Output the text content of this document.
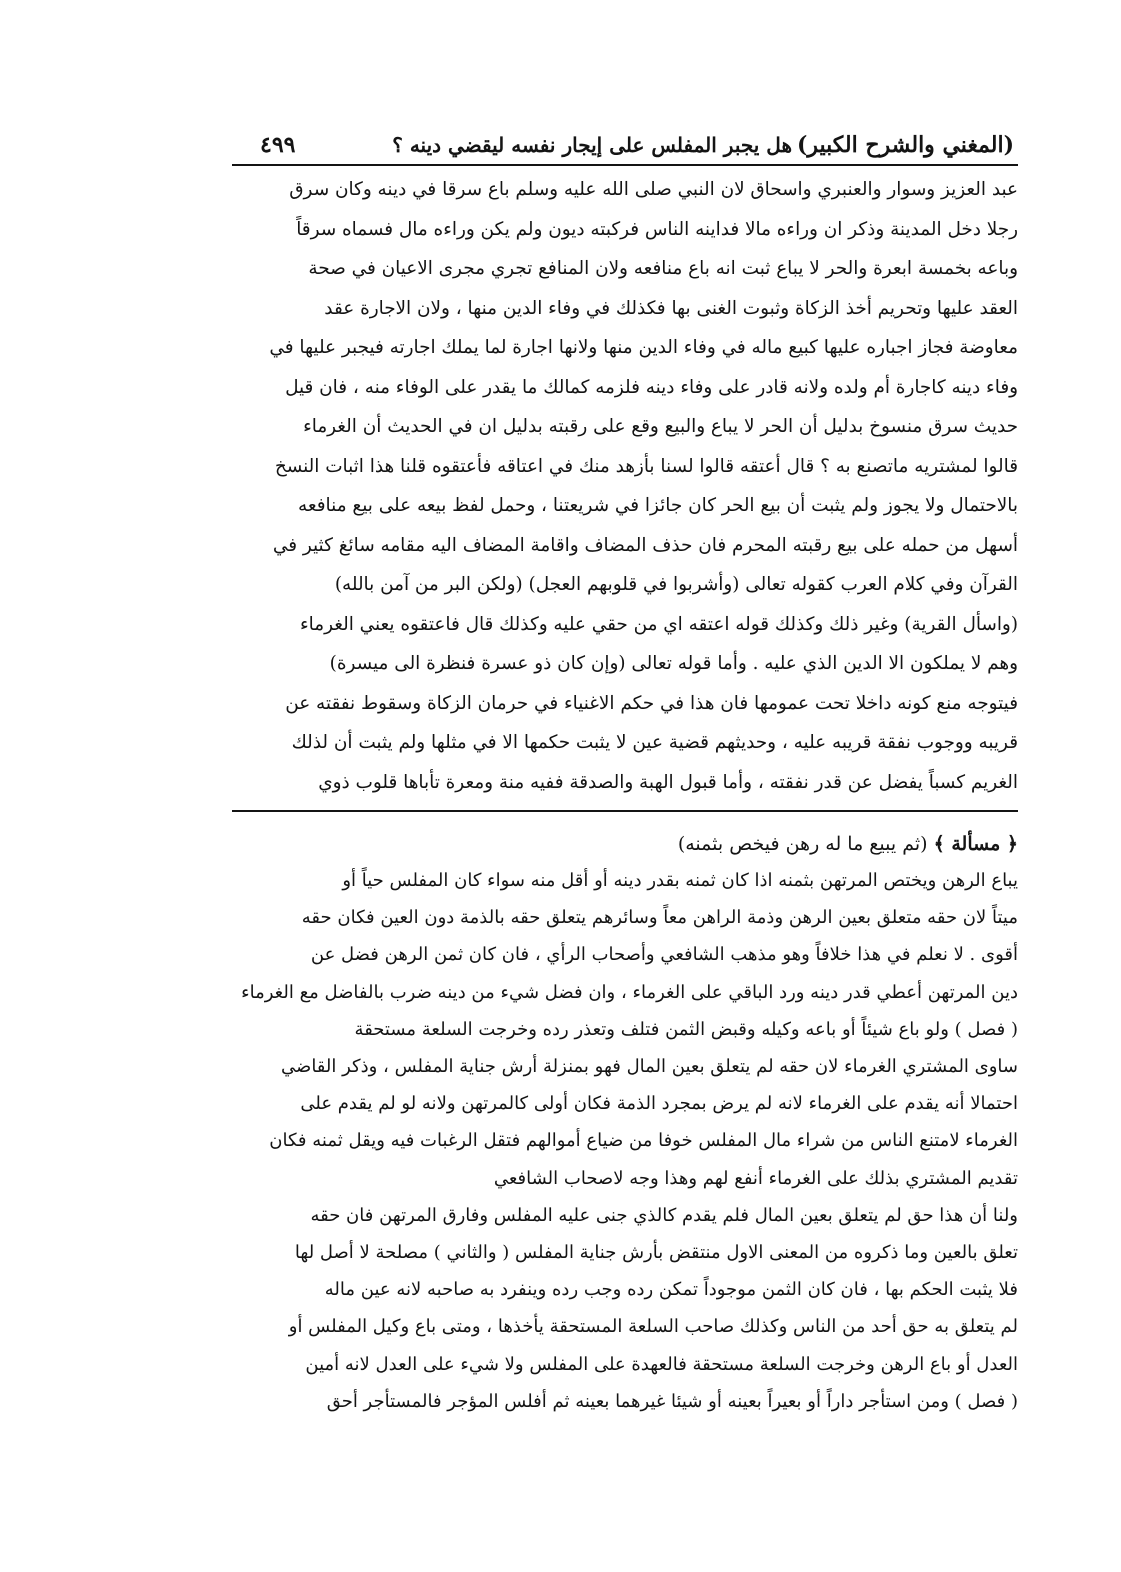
(المغني والشرح الكبير)
هل يجبر المفلس على إيجار نفسه ليقضي دينه ؟
٤٩٩
عبد العزيز وسوار والعنبري واسحاق لان النبي صلى الله عليه وسلم باع سرقا في دينه وكان سرق
رجلا دخل المدينة وذكر ان وراءه مالا فداينه الناس فركبته ديون ولم يكن وراءه مال فسماه سرقاً
وباعه بخمسة ابعرة والحر لا يباع ثبت انه باع منافعه ولان المنافع تجري مجرى الاعيان في صحة
العقد عليها وتحريم أخذ الزكاة وثبوت الغنى بها فكذلك في وفاء الدين منها ، ولان الاجارة عقد
معاوضة فجاز اجباره عليها كبيع ماله في وفاء الدين منها ولانها اجارة لما يملك اجارته فيجبر عليها في
وفاء دينه كاجارة أم ولده ولانه قادر على وفاء دينه فلزمه كمالك ما يقدر على الوفاء منه ، فان قيل
حديث سرق منسوخ بدليل أن الحر لا يباع والبيع وقع على رقبته بدليل ان في الحديث أن الغرماء
قالوا لمشتريه ماتصنع به ؟ قال أعتقه قالوا لسنا بأزهد منك في اعتاقه فأعتقوه قلنا هذا اثبات النسخ
بالاحتمال ولا يجوز ولم يثبت أن بيع الحر كان جائزا في شريعتنا ، وحمل لفظ بيعه على بيع منافعه
أسهل من حمله على بيع رقبته المحرم فان حذف المضاف واقامة المضاف اليه مقامه سائغ كثير في
القرآن وفي كلام العرب كقوله تعالى (وأشربوا في قلوبهم العجل) (ولكن البر من آمن بالله)
(واسأل القرية) وغير ذلك وكذلك قوله اعتقه اي من حقي عليه وكذلك قال فاعتقوه يعني الغرماء
وهم لا يملكون الا الدين الذي عليه . وأما قوله تعالى (وإن كان ذو عسرة فنظرة الى ميسرة)
فيتوجه منع كونه داخلا تحت عمومها فان هذا في حكم الاغنياء في حرمان الزكاة وسقوط نفقته عن
قريبه ووجوب نفقة قريبه عليه ، وحديثهم قضية عين لا يثبت حكمها الا في مثلها ولم يثبت أن لذلك
الغريم كسباً يفضل عن قدر نفقته ، وأما قبول الهبة والصدقة ففيه منة ومعرة تأباها قلوب ذوي
﴿ مسألة ﴾ (ثم يبيع ما له رهن فيخص بثمنه)
يباع الرهن ويختص المرتهن بثمنه اذا كان ثمنه بقدر دينه أو أقل منه سواء كان المفلس حياً أو
ميتاً لان حقه متعلق بعين الرهن وذمة الراهن معاً وسائرهم يتعلق حقه بالذمة دون العين فكان حقه
أقوى . لا نعلم في هذا خلافاً وهو مذهب الشافعي وأصحاب الرأي ، فان كان ثمن الرهن فضل عن
دين المرتهن أعطي قدر دينه ورد الباقي على الغرماء ، وان فضل شيء من دينه ضرب بالفاضل مع الغرماء
( فصل ) ولو باع شيئاً أو باعه وكيله وقبض الثمن فتلف وتعذر رده وخرجت السلعة مستحقة
ساوى المشتري الغرماء لان حقه لم يتعلق بعين المال فهو بمنزلة أرش جناية المفلس ، وذكر القاضي
احتمالا أنه يقدم على الغرماء لانه لم يرض بمجرد الذمة فكان أولى كالمرتهن ولانه لو لم يقدم على
الغرماء لامتنع الناس من شراء مال المفلس خوفا من ضياع أموالهم فتقل الرغبات فيه ويقل ثمنه فكان
تقديم المشتري بذلك على الغرماء أنفع لهم وهذا وجه لاصحاب الشافعي
ولنا أن هذا حق لم يتعلق بعين المال فلم يقدم كالذي جنى عليه المفلس وفارق المرتهن فان حقه
تعلق بالعين وما ذكروه من المعنى الاول منتقض بأرش جناية المفلس ( والثاني ) مصلحة لا أصل لها
فلا يثبت الحكم بها ، فان كان الثمن موجوداً تمكن رده وجب رده وينفرد به صاحبه لانه عين ماله
لم يتعلق به حق أحد من الناس وكذلك صاحب السلعة المستحقة يأخذها ، ومتى باع وكيل المفلس أو
العدل أو باع الرهن وخرجت السلعة مستحقة فالعهدة على المفلس ولا شيء على العدل لانه أمين
( فصل ) ومن استأجر داراً أو بعيراً بعينه أو شيئا غيرهما بعينه ثم أفلس المؤجر فالمستأجر أحق
